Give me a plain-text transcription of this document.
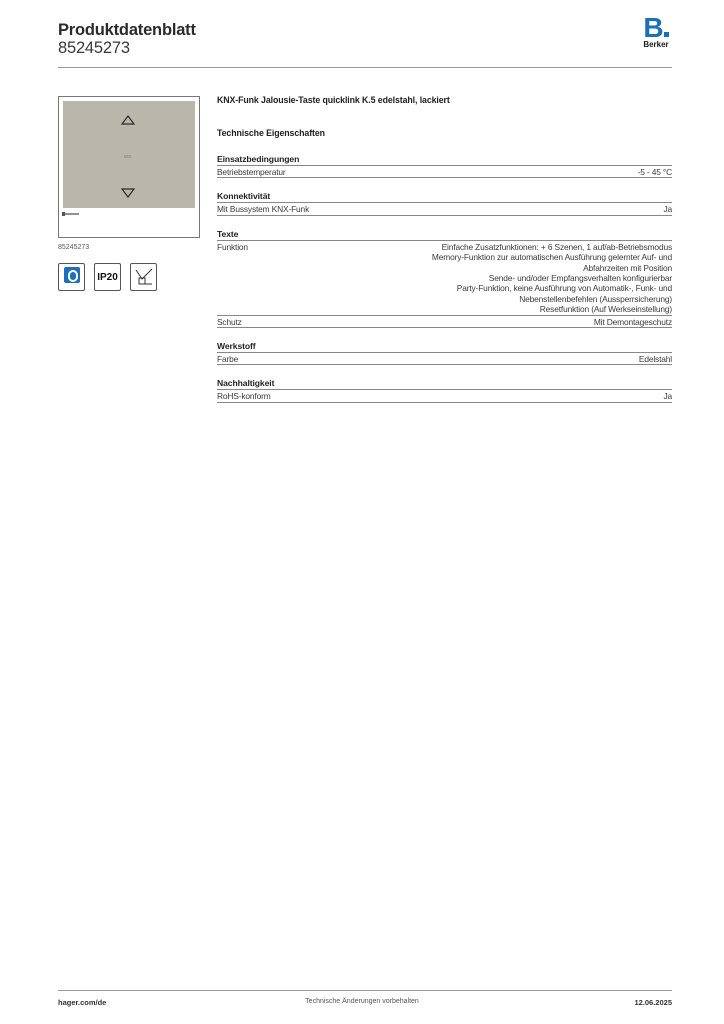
Produktdatenblatt
85245273
B
Berker
85245273
IP20
KNX-Funk Jalousie-Taste quicklink K.5 edelstahl, lackiert
Technische Eigenschaften
Einsatzbedingungen
Betriebstemperatur	-5 - 45 °C
Konnektivität
Mit Bussystem KNX-Funk	Ja
Texte
Funktion	Einfache Zusatzfunktionen: + 6 Szenen, 1 auf/ab-Betriebsmodus
Memory-Funktion zur automatischen Ausführung gelernter Auf- und
Abfahrzeiten mit Position
Sende- und/oder Empfangsverhalten konfigurierbar
Party-Funktion, keine Ausführung von Automatik-, Funk- und
Nebenstellenbefehlen (Aussperrsicherung)
Resetfunktion (Auf Werkseinstellung)
Schutz	Mit Demontageschutz
Werkstoff
Farbe	Edelstahl
Nachhaltigkeit
RoHS-konform	Ja
hager.com/de	Technische Änderungen vorbehalten	12.06.2025
